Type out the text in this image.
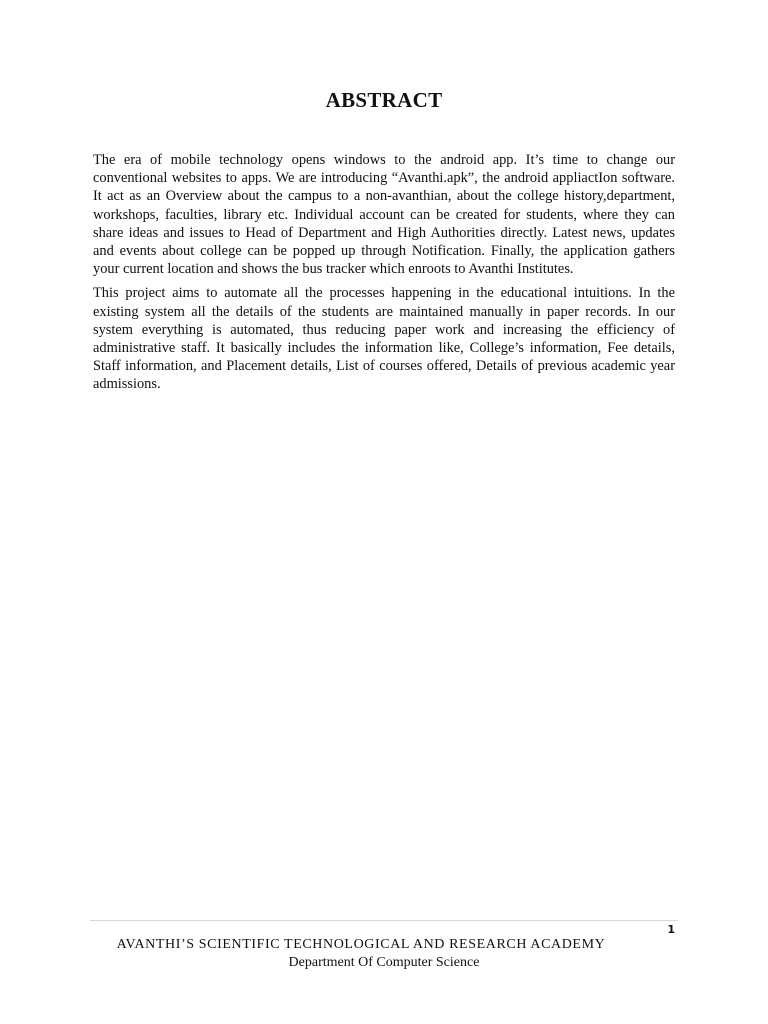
ABSTRACT

The era of mobile technology opens windows to the android app. It’s time to change our conventional websites to apps. We are introducing “Avanthi.apk”, the android appliactIon software. It act as an Overview about the campus to a non-avanthian, about the college history,department, workshops, faculties, library etc. Individual account can be created for students, where they can share ideas and issues to Head of Department and High Authorities directly. Latest news, updates and events about college can be popped up through Notification. Finally, the application gathers your current location and shows the bus tracker which enroots to Avanthi Institutes.

This project aims to automate all the processes happening in the educational intuitions. In the existing system all the details of the students are maintained manually in paper records. In our system everything is automated, thus reducing paper work and increasing the efficiency of administrative staff. It basically includes the information like, College’s information, Fee details, Staff information, and Placement details, List of courses offered, Details of previous academic year admissions.

1
AVANTHI’S SCIENTIFIC TECHNOLOGICAL AND RESEARCH ACADEMY
Department Of Computer Science
